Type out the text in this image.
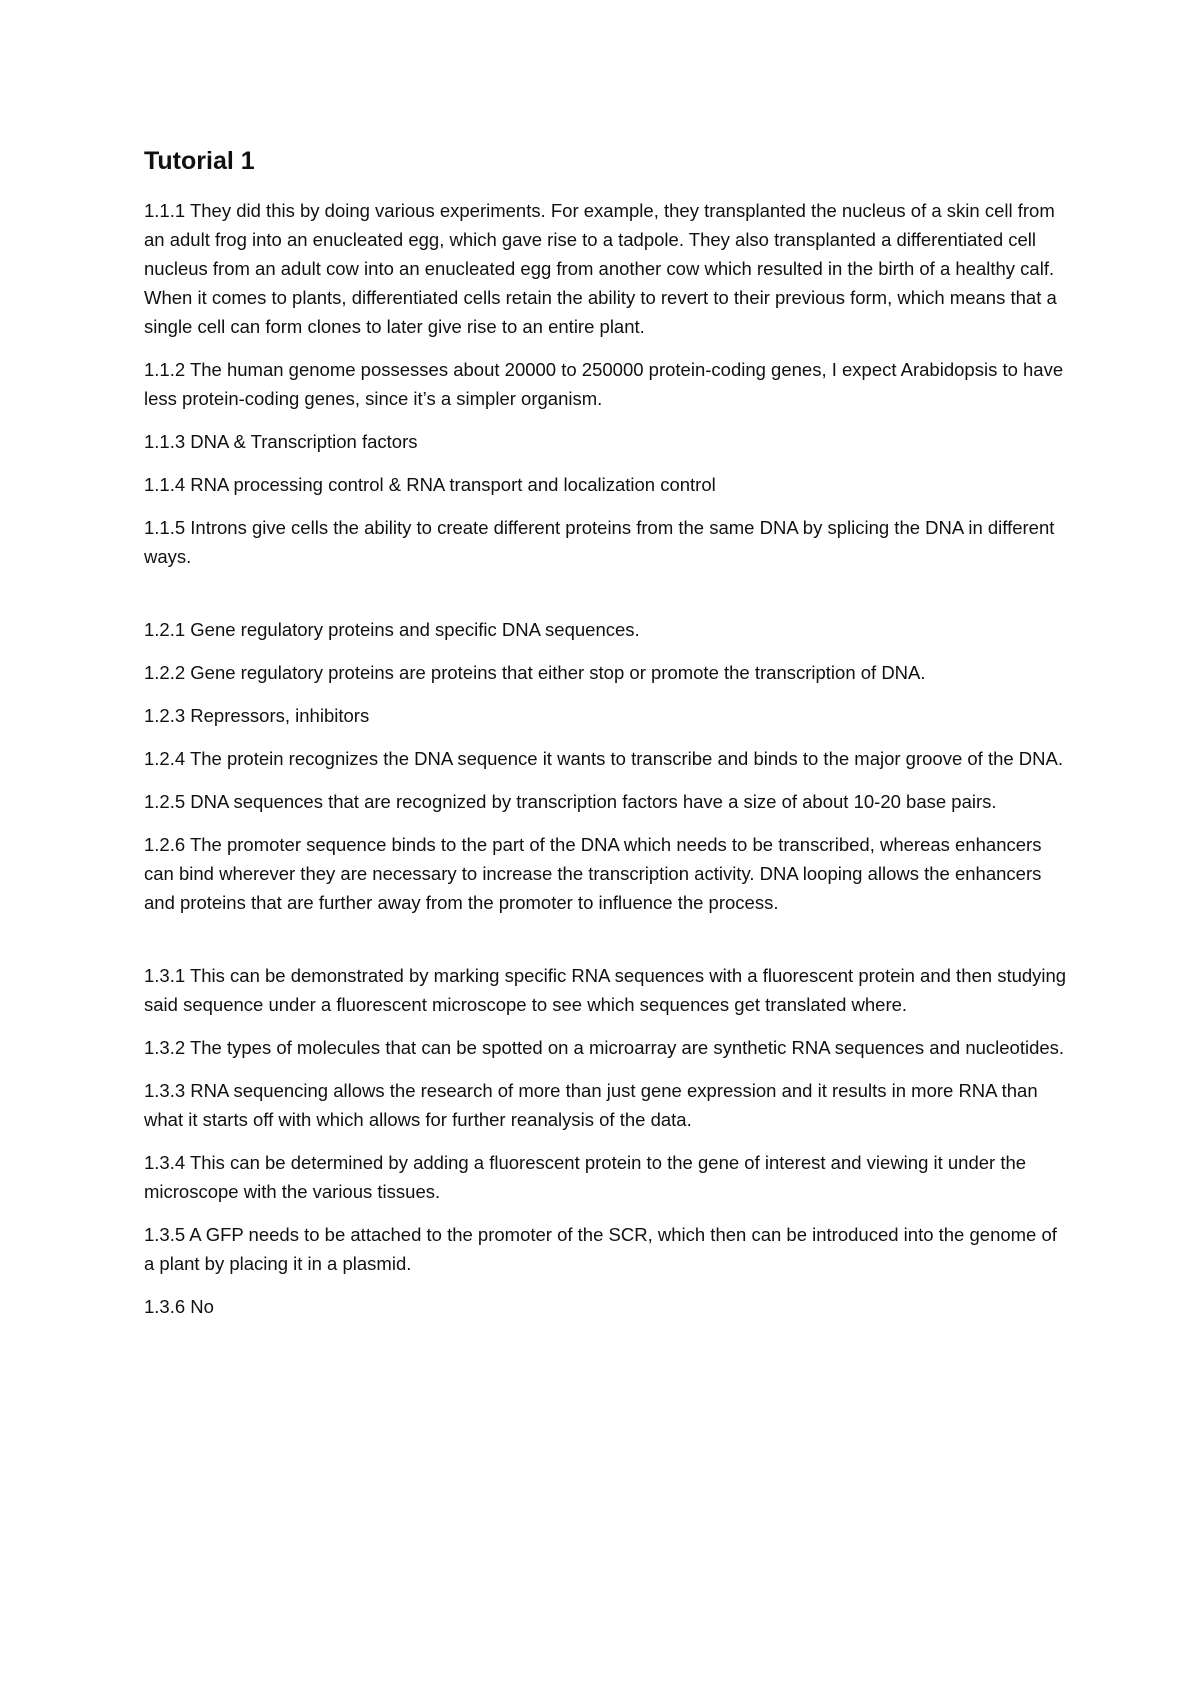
Tutorial 1

1.1.1 They did this by doing various experiments. For example, they transplanted the nucleus of a skin cell from an adult frog into an enucleated egg, which gave rise to a tadpole. They also transplanted a differentiated cell nucleus from an adult cow into an enucleated egg from another cow which resulted in the birth of a healthy calf. When it comes to plants, differentiated cells retain the ability to revert to their previous form, which means that a single cell can form clones to later give rise to an entire plant.

1.1.2 The human genome possesses about 20000 to 250000 protein-coding genes, I expect Arabidopsis to have less protein-coding genes, since it’s a simpler organism.

1.1.3 DNA & Transcription factors

1.1.4 RNA processing control & RNA transport and localization control

1.1.5 Introns give cells the ability to create different proteins from the same DNA by splicing the DNA in different ways.

1.2.1 Gene regulatory proteins and specific DNA sequences.

1.2.2 Gene regulatory proteins are proteins that either stop or promote the transcription of DNA.

1.2.3 Repressors, inhibitors

1.2.4 The protein recognizes the DNA sequence it wants to transcribe and binds to the major groove of the DNA.

1.2.5 DNA sequences that are recognized by transcription factors have a size of about 10-20 base pairs.

1.2.6 The promoter sequence binds to the part of the DNA which needs to be transcribed, whereas enhancers can bind wherever they are necessary to increase the transcription activity. DNA looping allows the enhancers and proteins that are further away from the promoter to influence the process.

1.3.1 This can be demonstrated by marking specific RNA sequences with a fluorescent protein and then studying said sequence under a fluorescent microscope to see which sequences get translated where.

1.3.2 The types of molecules that can be spotted on a microarray are synthetic RNA sequences and nucleotides.

1.3.3 RNA sequencing allows the research of more than just gene expression and it results in more RNA than what it starts off with which allows for further reanalysis of the data.

1.3.4 This can be determined by adding a fluorescent protein to the gene of interest and viewing it under the microscope with the various tissues.

1.3.5 A GFP needs to be attached to the promoter of the SCR, which then can be introduced into the genome of a plant by placing it in a plasmid.

1.3.6 No
